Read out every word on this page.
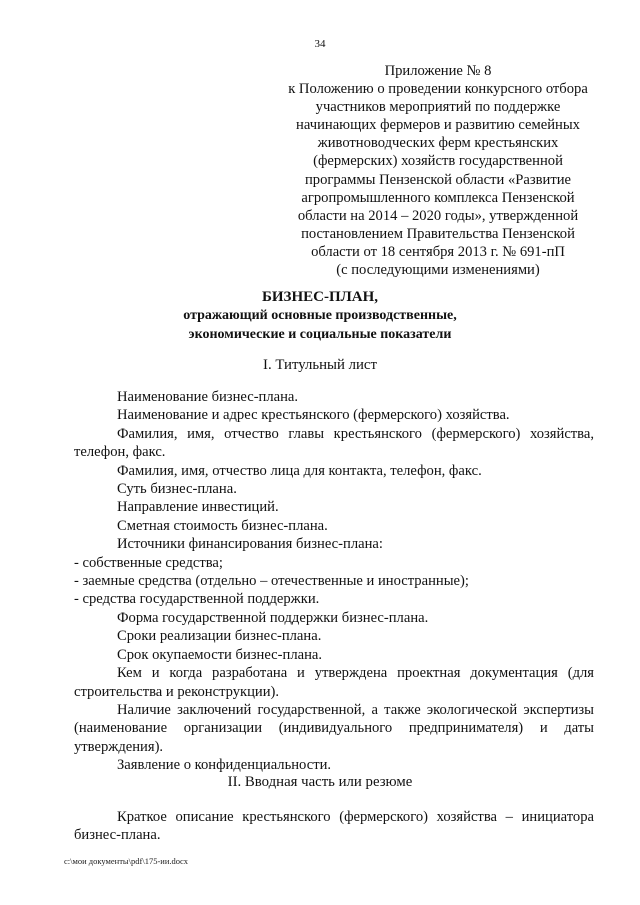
34
Приложение № 8
к Положению о проведении конкурсного отбора
участников мероприятий по поддержке
начинающих фермеров и развитию семейных
животноводческих ферм крестьянских
(фермерских) хозяйств государственной
программы Пензенской области «Развитие
агропромышленного комплекса Пензенской
области на 2014 – 2020 годы», утвержденной
постановлением Правительства Пензенской
области от 18 сентября 2013 г. № 691-пП
(с последующими изменениями)
БИЗНЕС-ПЛАН,
отражающий основные производственные,
экономические и социальные показатели
I. Титульный лист

Наименование бизнес-плана.

Наименование и адрес крестьянского (фермерского) хозяйства.

Фамилия, имя, отчество главы крестьянского (фермерского) хозяйства, телефон, факс.

Фамилия, имя, отчество лица для контакта, телефон, факс.

Суть бизнес-плана.

Направление инвестиций.

Сметная стоимость бизнес-плана.

Источники финансирования бизнес-плана:

- собственные средства;

- заемные средства (отдельно – отечественные и иностранные);

- средства государственной поддержки.

Форма государственной поддержки бизнес-плана.

Сроки реализации бизнес-плана.

Срок окупаемости бизнес-плана.

Кем и когда разработана и утверждена проектная документация (для строительства и реконструкции).

Наличие заключений государственной, а также экологической экспертизы (наименование организации (индивидуального предпринимателя) и даты утверждения).

Заявление о конфиденциальности.

II. Вводная часть или резюме

Краткое описание крестьянского (фермерского) хозяйства – инициатора бизнес-плана.

c:\мои документы\pdf\175-ии.docx
